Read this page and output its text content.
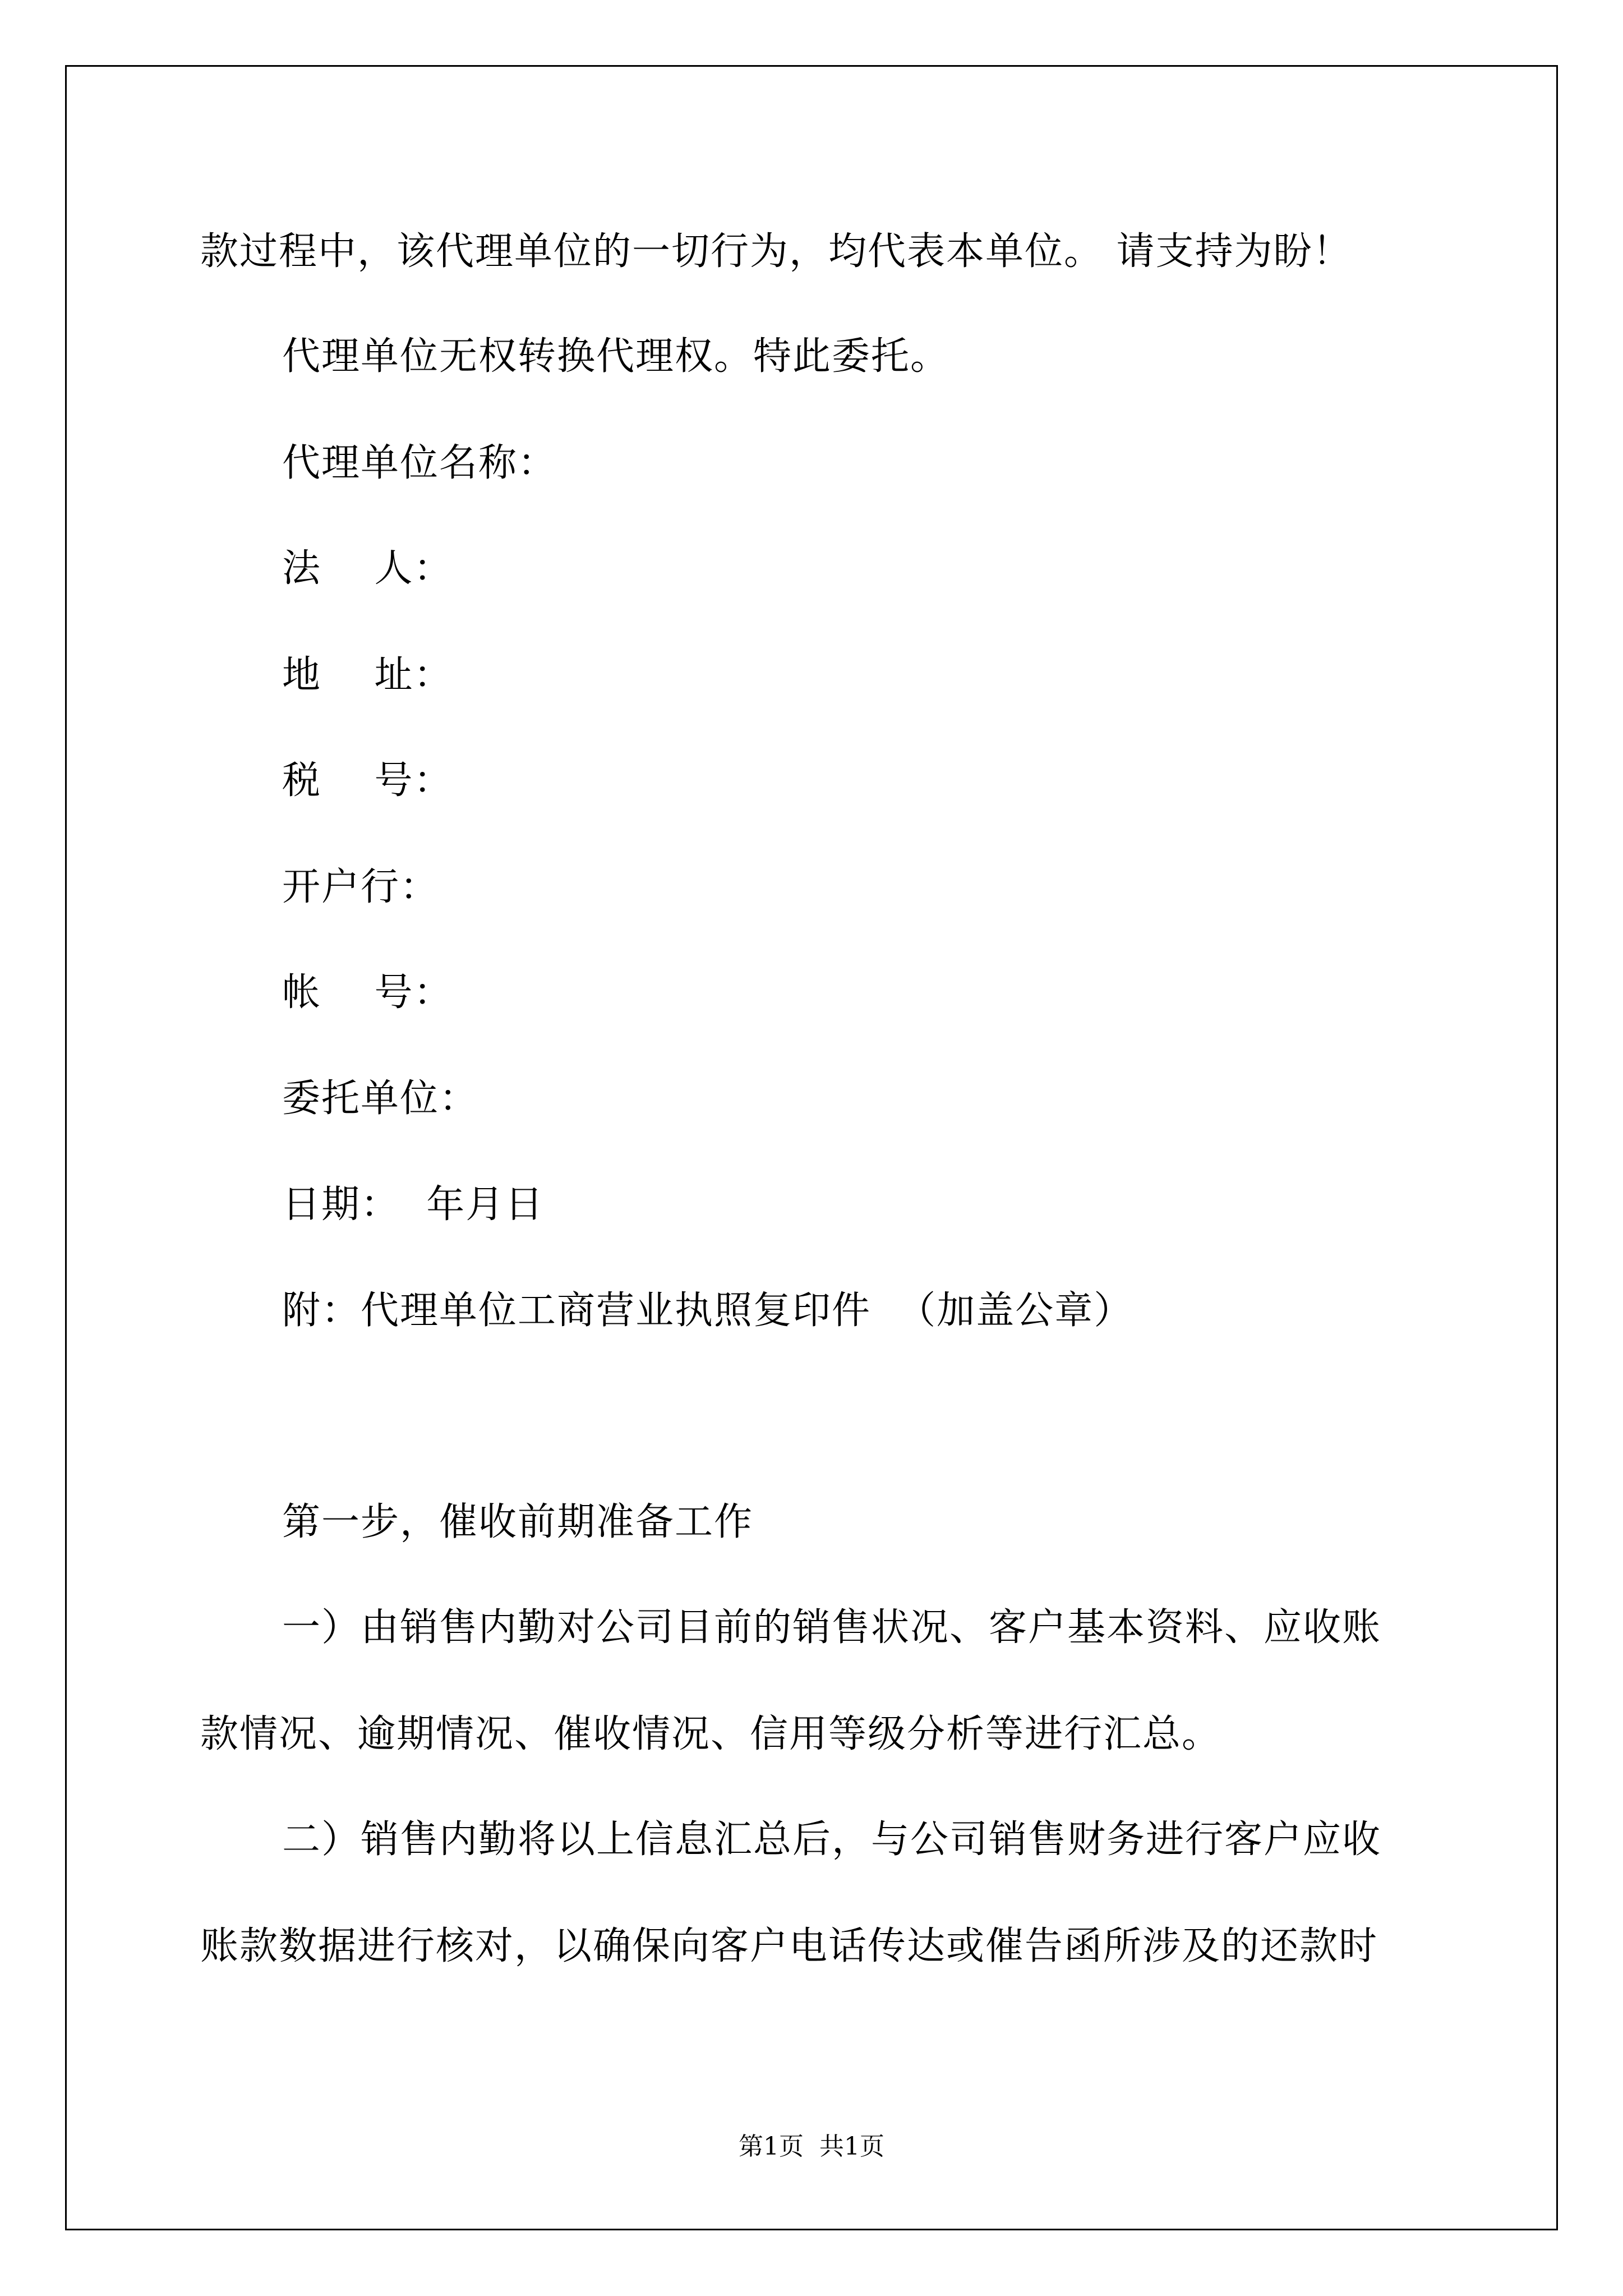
款过程中，该代理单位的一切行为，均代表本单位。 请支持为盼！
代理单位无权转换代理权。特此委托。
代理单位名称：
法    人：
地    址：
税    号：
开户行：
帐    号：
委托单位：
日期：  年月日
附：代理单位工商营业执照复印件  （加盖公章）
第一步，催收前期准备工作
一）由销售内勤对公司目前的销售状况、客户基本资料、应收账
款情况、逾期情况、催收情况、信用等级分析等进行汇总。
二）销售内勤将以上信息汇总后，与公司销售财务进行客户应收
账款数据进行核对，以确保向客户电话传达或催告函所涉及的还款时
第1页  共1页
